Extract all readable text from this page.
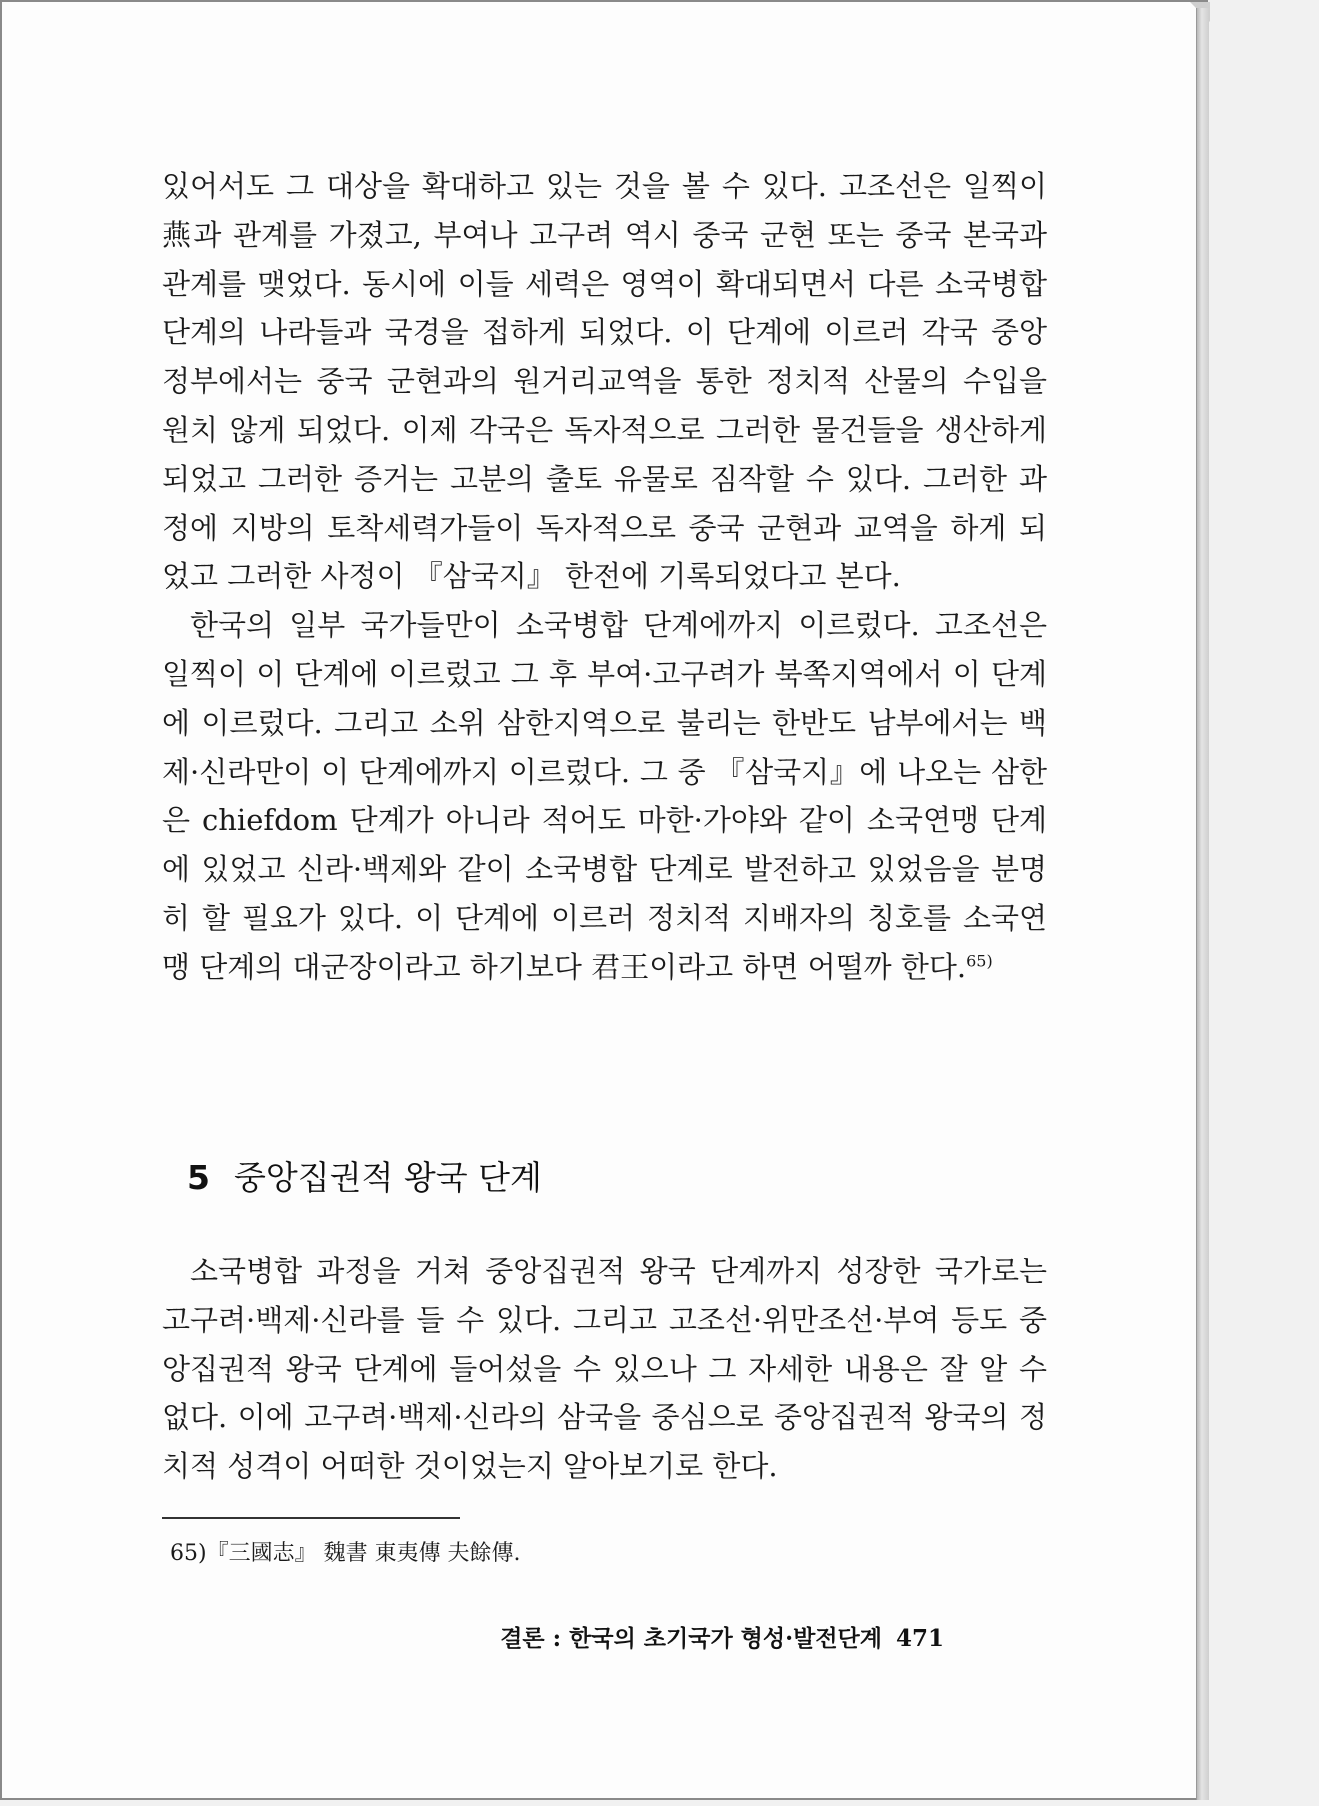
있어서도 그 대상을 확대하고 있는 것을 볼 수 있다. 고조선은 일찍이 燕과 관계를 가졌고, 부여나 고구려 역시 중국 군현 또는 중국 본국과 관계를 맺었다. 동시에 이들 세력은 영역이 확대되면서 다른 소국병합 단계의 나라들과 국경을 접하게 되었다. 이 단계에 이르러 각국 중앙 정부에서는 중국 군현과의 원거리교역을 통한 정치적 산물의 수입을 원치 않게 되었다. 이제 각국은 독자적으로 그러한 물건들을 생산하게 되었고 그러한 증거는 고분의 출토 유물로 짐작할 수 있다. 그러한 과정에 지방의 토착세력가들이 독자적으로 중국 군현과 교역을 하게 되었고 그러한 사정이 『삼국지』 한전에 기록되었다고 본다.

한국의 일부 국가들만이 소국병합 단계에까지 이르렀다. 고조선은 일찍이 이 단계에 이르렀고 그 후 부여·고구려가 북쪽지역에서 이 단계에 이르렀다. 그리고 소위 삼한지역으로 불리는 한반도 남부에서는 백제·신라만이 이 단계에까지 이르렀다. 그 중 『삼국지』에 나오는 삼한은 chiefdom 단계가 아니라 적어도 마한·가야와 같이 소국연맹 단계에 있었고 신라·백제와 같이 소국병합 단계로 발전하고 있었음을 분명히 할 필요가 있다. 이 단계에 이르러 정치적 지배자의 칭호를 소국연맹 단계의 대군장이라고 하기보다 君王이라고 하면 어떨까 한다.$^{65)}$

5 중앙집권적 왕국 단계

소국병합 과정을 거쳐 중앙집권적 왕국 단계까지 성장한 국가로는 고구려·백제·신라를 들 수 있다. 그리고 고조선·위만조선·부여 등도 중앙집권적 왕국 단계에 들어섰을 수 있으나 그 자세한 내용은 잘 알 수 없다. 이에 고구려·백제·신라의 삼국을 중심으로 중앙집권적 왕국의 정치적 성격이 어떠한 것이었는지 알아보기로 한다.

65)『三國志』 魏書 東夷傳 夫餘傳.
결론 : 한국의 초기국가 형성·발전단계 471
